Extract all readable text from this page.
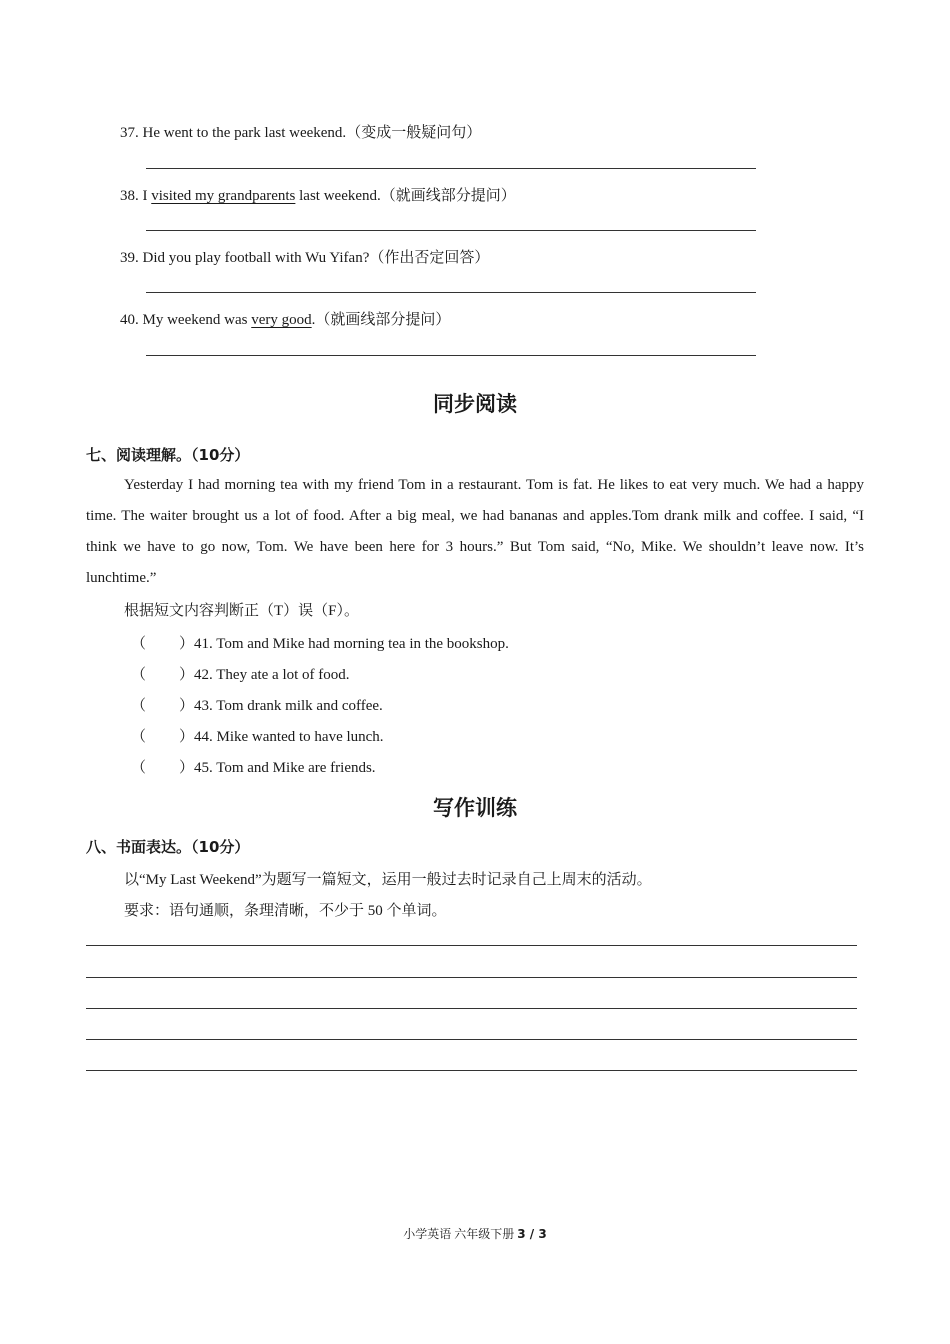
37. He went to the park last weekend.（变成一般疑问句）
38. I visited my grandparents last weekend.（就画线部分提问）
39. Did you play football with Wu Yifan?（作出否定回答）
40. My weekend was very good.（就画线部分提问）
同步阅读
七、阅读理解。（10分）
Yesterday I had morning tea with my friend Tom in a restaurant. Tom is fat. He likes to eat very much. We had a happy time. The waiter brought us a lot of food. After a big meal, we had bananas and apples.Tom drank milk and coffee. I said, “I think we have to go now, Tom. We have been here for 3 hours.” But Tom said, “No, Mike. We shouldn’t leave now. It’s lunchtime.”
根据短文内容判断正（T）误（F）。
（ ）41. Tom and Mike had morning tea in the bookshop.
（ ）42. They ate a lot of food.
（ ）43. Tom drank milk and coffee.
（ ）44. Mike wanted to have lunch.
（ ）45. Tom and Mike are friends.
写作训练
八、书面表达。（10分）
以“My Last Weekend”为题写一篇短文，运用一般过去时记录自己上周末的活动。
要求：语句通顺，条理清晰，不少于 50 个单词。
小学英语 六年级下册 3 / 3
